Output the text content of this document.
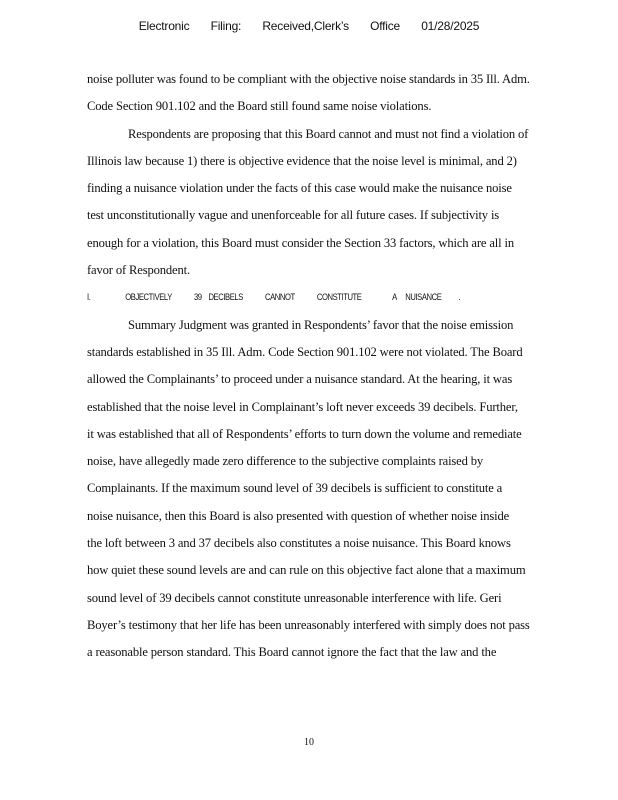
Electronic Filing: Received,Clerk’s Office 01/28/2025
noise polluter was found to be compliant with the objective noise standards in 35 Ill. Adm.
Code Section 901.102 and the Board still found same noise violations.
Respondents are proposing that this Board cannot and must not find a violation of
Illinois law because 1) there is objective evidence that the noise level is minimal, and 2)
finding a nuisance violation under the facts of this case would make the nuisance noise
test unconstitutionally vague and unenforceable for all future cases. If subjectivity is
enough for a violation, this Board must consider the Section 33 factors, which are all in
favor of Respondent.
I.	OBJECTIVELY 39 DECIBELS CANNOT CONSTITUTE	A NUISANCE .
Summary Judgment was granted in Respondents’ favor that the noise emission
standards established in 35 Ill. Adm. Code Section 901.102 were not violated. The Board
allowed the Complainants’ to proceed under a nuisance standard. At the hearing, it was
established that the noise level in Complainant’s loft never exceeds 39 decibels. Further,
it was established that all of Respondents’ efforts to turn down the volume and remediate
noise, have allegedly made zero difference to the subjective complaints raised by
Complainants. If the maximum sound level of 39 decibels is sufficient to constitute a
noise nuisance, then this Board is also presented with question of whether noise inside
the loft between 3 and 37 decibels also constitutes a noise nuisance. This Board knows
how quiet these sound levels are and can rule on this objective fact alone that a maximum
sound level of 39 decibels cannot constitute unreasonable interference with life. Geri
Boyer’s testimony that her life has been unreasonably interfered with simply does not pass
a reasonable person standard. This Board cannot ignore the fact that the law and the
10
